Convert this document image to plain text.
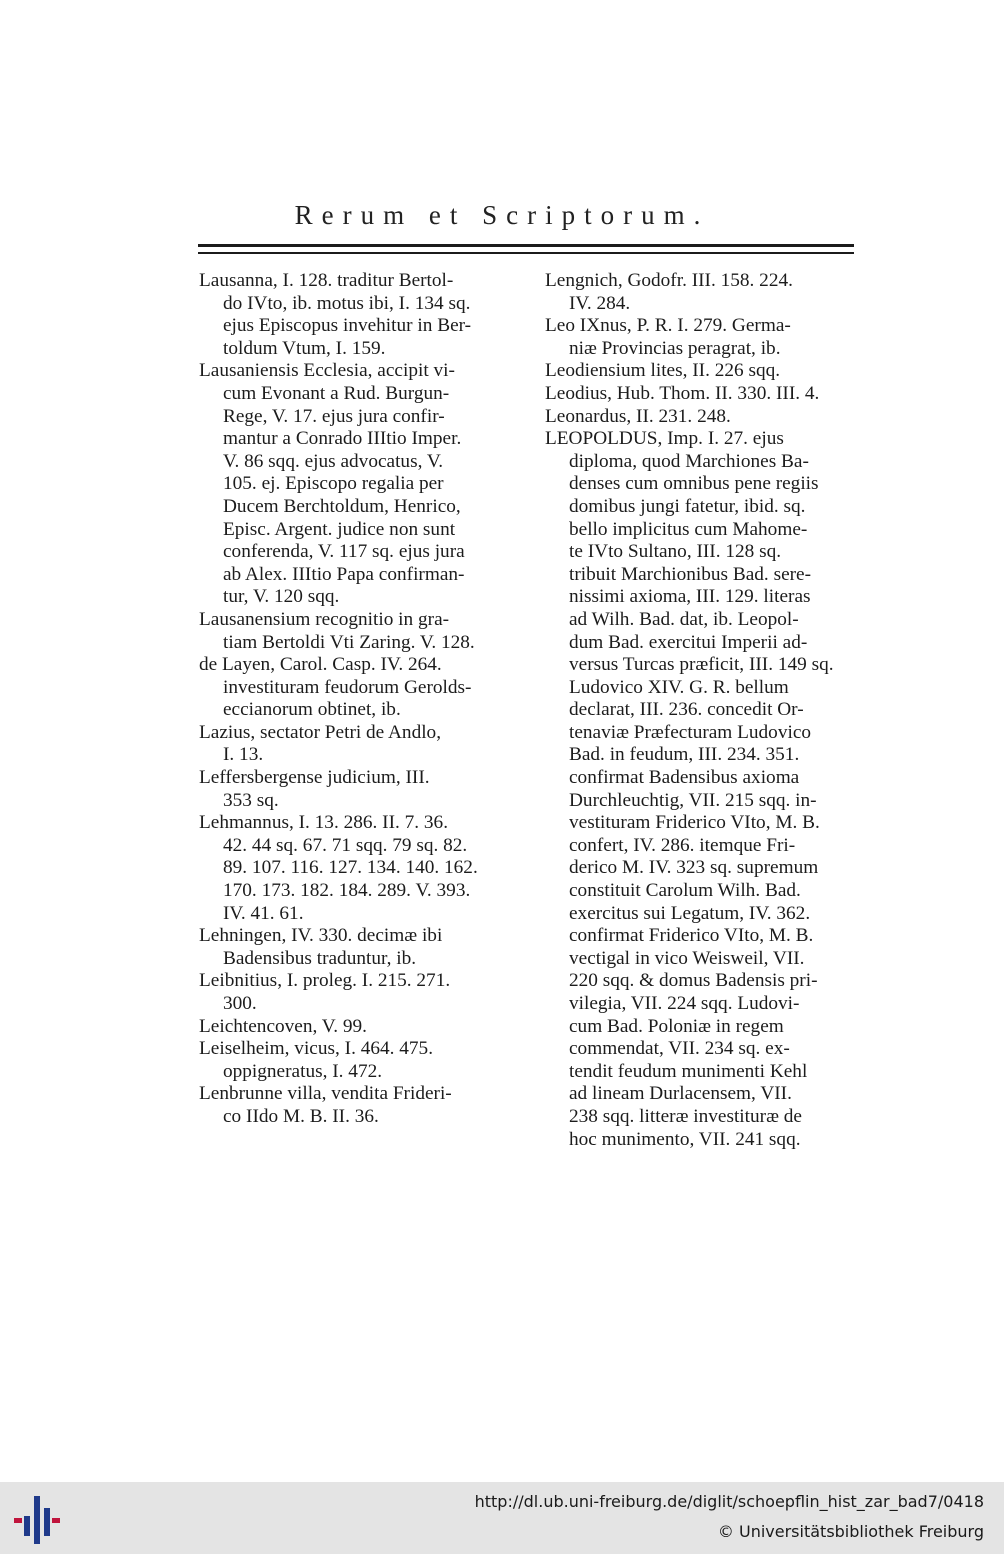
Rerum et Scriptorum.
Lausanna, I. 128. traditur Bertol-
do IVto, ib. motus ibi, I. 134 sq.
ejus Episcopus invehitur in Ber-
toldum Vtum, I. 159.
Lausaniensis Ecclesia, accipit vi-
cum Evonant a Rud. Burgun-
Rege, V. 17. ejus jura confir-
mantur a Conrado IIItio Imper.
V. 86 sqq. ejus advocatus, V.
105. ej. Episcopo regalia per
Ducem Berchtoldum, Henrico,
Episc. Argent. judice non sunt
conferenda, V. 117 sq. ejus jura
ab Alex. IIItio Papa confirman-
tur, V. 120 sqq.
Lausanensium recognitio in gra-
tiam Bertoldi Vti Zaring. V. 128.
de Layen, Carol. Casp. IV. 264.
investituram feudorum Gerolds-
eccianorum obtinet, ib.
Lazius, sectator Petri de Andlo,
I. 13.
Leffersbergense judicium, III.
353 sq.
Lehmannus, I. 13. 286. II. 7. 36.
42. 44 sq. 67. 71 sqq. 79 sq. 82.
89. 107. 116. 127. 134. 140. 162.
170. 173. 182. 184. 289. V. 393.
IV. 41. 61.
Lehningen, IV. 330. decimæ ibi
Badensibus traduntur, ib.
Leibnitius, I. proleg. I. 215. 271.
300.
Leichtencoven, V. 99.
Leiselheim, vicus, I. 464. 475.
oppigneratus, I. 472.
Lenbrunne villa, vendita Frideri-
co IIdo M. B. II. 36.
Lengnich, Godofr. III. 158. 224.
IV. 284.
Leo IXnus, P. R. I. 279. Germa-
niæ Provincias peragrat, ib.
Leodiensium lites, II. 226 sqq.
Leodius, Hub. Thom. II. 330. III. 4.
Leonardus, II. 231. 248.
LEOPOLDUS, Imp. I. 27. ejus
diploma, quod Marchiones Ba-
denses cum omnibus pene regiis
domibus jungi fatetur, ibid. sq.
bello implicitus cum Mahome-
te IVto Sultano, III. 128 sq.
tribuit Marchionibus Bad. sere-
nissimi axioma, III. 129. literas
ad Wilh. Bad. dat, ib. Leopol-
dum Bad. exercitui Imperii ad-
versus Turcas præficit, III. 149 sq.
Ludovico XIV. G. R. bellum
declarat, III. 236. concedit Or-
tenaviæ Præfecturam Ludovico
Bad. in feudum, III. 234. 351.
confirmat Badensibus axioma
Durchleuchtig, VII. 215 sqq. in-
vestituram Friderico VIto, M. B.
confert, IV. 286. itemque Fri-
derico M. IV. 323 sq. supremum
constituit Carolum Wilh. Bad.
exercitus sui Legatum, IV. 362.
confirmat Friderico VIto, M. B.
vectigal in vico Weisweil, VII.
220 sqq. & domus Badensis pri-
vilegia, VII. 224 sqq. Ludovi-
cum Bad. Poloniæ in regem
commendat, VII. 234 sq. ex-
tendit feudum munimenti Kehl
ad lineam Durlacensem, VII.
238 sqq. litteræ investituræ de
hoc munimento, VII. 241 sqq.
http://dl.ub.uni-freiburg.de/diglit/schoepflin_hist_zar_bad7/0418
© Universitätsbibliothek Freiburg
